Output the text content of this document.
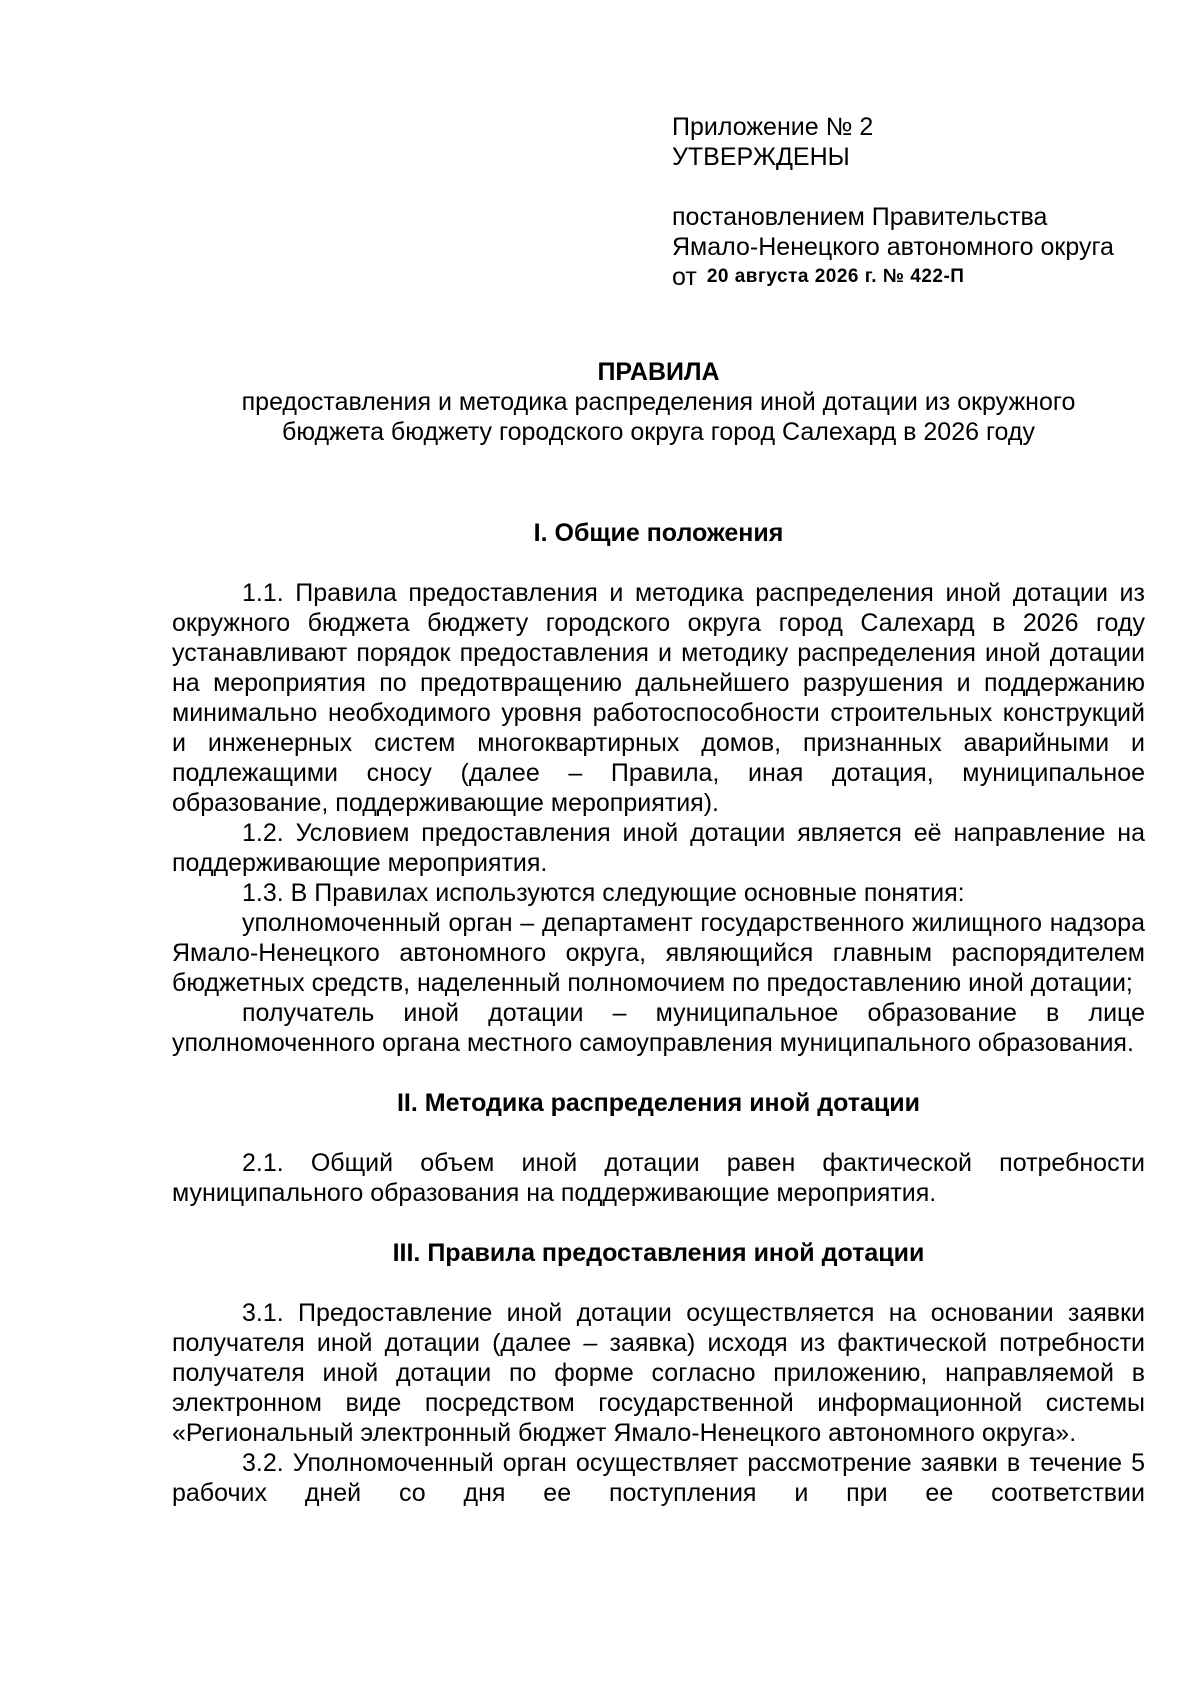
Приложение № 2
УТВЕРЖДЕНЫ
постановлением Правительства
Ямало-Ненецкого автономного округа
от 20 августа 2026 г. № 422-П
ПРАВИЛА
предоставления и методика распределения иной дотации из окружного бюджета бюджету городского округа город Салехард в 2026 году
I. Общие положения

1.1. Правила предоставления и методика распределения иной дотации из окружного бюджета бюджету городского округа город Салехард в 2026 году устанавливают порядок предоставления и методику распределения иной дотации на мероприятия по предотвращению дальнейшего разрушения и поддержанию минимально необходимого уровня работоспособности строительных конструкций и инженерных систем многоквартирных домов, признанных аварийными и подлежащими сносу (далее – Правила, иная дотация, муниципальное образование, поддерживающие мероприятия).

1.2. Условием предоставления иной дотации является её направление на поддерживающие мероприятия.

1.3. В Правилах используются следующие основные понятия:

уполномоченный орган – департамент государственного жилищного надзора Ямало-Ненецкого автономного округа, являющийся главным распорядителем бюджетных средств, наделенный полномочием по предоставлению иной дотации;

получатель иной дотации – муниципальное образование в лице уполномоченного органа местного самоуправления муниципального образования.

II. Методика распределения иной дотации

2.1. Общий объем иной дотации равен фактической потребности муниципального образования на поддерживающие мероприятия.

III. Правила предоставления иной дотации

3.1. Предоставление иной дотации осуществляется на основании заявки получателя иной дотации (далее – заявка) исходя из фактической потребности получателя иной дотации по форме согласно приложению, направляемой в электронном виде посредством государственной информационной системы «Региональный электронный бюджет Ямало-Ненецкого автономного округа».

3.2. Уполномоченный орган осуществляет рассмотрение заявки в течение 5 рабочих дней со дня ее поступления и при ее соответствии
